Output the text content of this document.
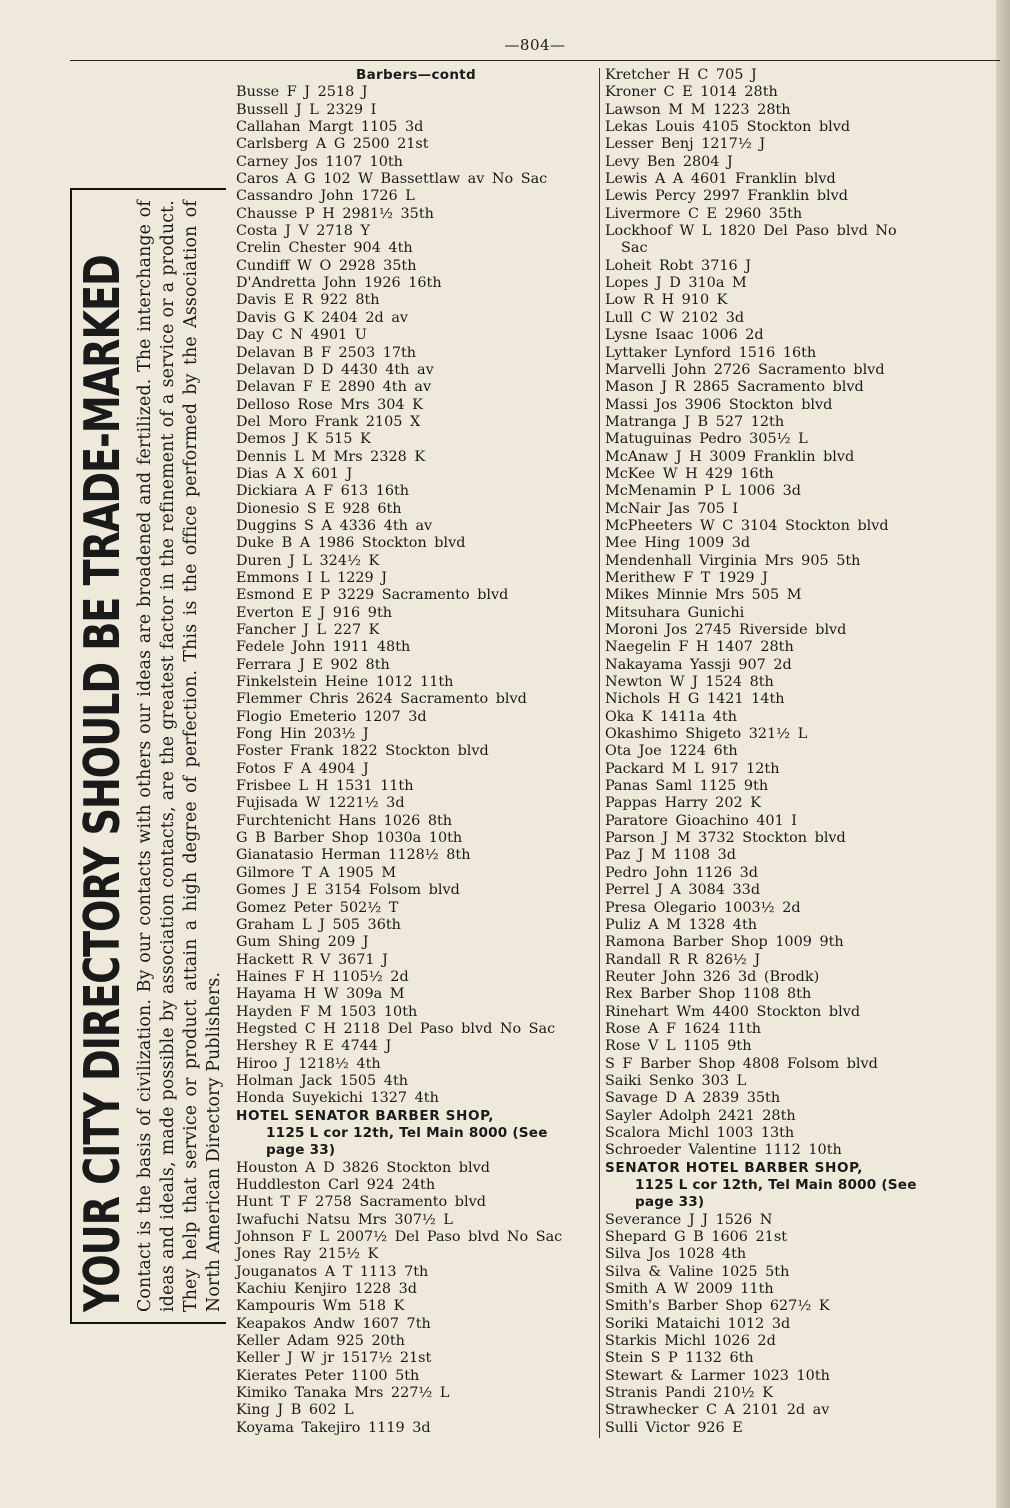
—804—
YOUR CITY DIRECTORY SHOULD BE TRADE-MARKED Contact is the basis of civilization. By our contacts with others our ideas are broadened and fertilized. The interchange of ideas and ideals, made possible by association contacts, are the greatest factor in the refinement of a service or a product. They help that service or product attain a high degree of perfection. This is the office performed by the Association of North American Directory Publishers.
Barbers—contd
Busse F J 2518 J
Bussell J L 2329 I
Callahan Margt 1105 3d
Carlsberg A G 2500 21st
Carney Jos 1107 10th
Caros A G 102 W Bassettlaw av No Sac
Cassandro John 1726 L
Chausse P H 2981½ 35th
Costa J V 2718 Y
Crelin Chester 904 4th
Cundiff W O 2928 35th
D'Andretta John 1926 16th
Davis E R 922 8th
Davis G K 2404 2d av
Day C N 4901 U
Delavan B F 2503 17th
Delavan D D 4430 4th av
Delavan F E 2890 4th av
Delloso Rose Mrs 304 K
Del Moro Frank 2105 X
Demos J K 515 K
Dennis L M Mrs 2328 K
Dias A X 601 J
Dickiara A F 613 16th
Dionesio S E 928 6th
Duggins S A 4336 4th av
Duke B A 1986 Stockton blvd
Duren J L 324½ K
Emmons I L 1229 J
Esmond E P 3229 Sacramento blvd
Everton E J 916 9th
Fancher J L 227 K
Fedele John 1911 48th
Ferrara J E 902 8th
Finkelstein Heine 1012 11th
Flemmer Chris 2624 Sacramento blvd
Flogio Emeterio 1207 3d
Fong Hin 203½ J
Foster Frank 1822 Stockton blvd
Fotos F A 4904 J
Frisbee L H 1531 11th
Fujisada W 1221½ 3d
Furchtenicht Hans 1026 8th
G B Barber Shop 1030a 10th
Gianatasio Herman 1128½ 8th
Gilmore T A 1905 M
Gomes J E 3154 Folsom blvd
Gomez Peter 502½ T
Graham L J 505 36th
Gum Shing 209 J
Hackett R V 3671 J
Haines F H 1105½ 2d
Hayama H W 309a M
Hayden F M 1503 10th
Hegsted C H 2118 Del Paso blvd No Sac
Hershey R E 4744 J
Hiroo J 1218½ 4th
Holman Jack 1505 4th
Honda Suyekichi 1327 4th
HOTEL SENATOR BARBER SHOP,
1125 L cor 12th, Tel Main 8000 (See
page 33)
Houston A D 3826 Stockton blvd
Huddleston Carl 924 24th
Hunt T F 2758 Sacramento blvd
Iwafuchi Natsu Mrs 307½ L
Johnson F L 2007½ Del Paso blvd No Sac
Jones Ray 215½ K
Jouganatos A T 1113 7th
Kachiu Kenjiro 1228 3d
Kampouris Wm 518 K
Keapakos Andw 1607 7th
Keller Adam 925 20th
Keller J W jr 1517½ 21st
Kierates Peter 1100 5th
Kimiko Tanaka Mrs 227½ L
King J B 602 L
Koyama Takejiro 1119 3d
Kretcher H C 705 J
Kroner C E 1014 28th
Lawson M M 1223 28th
Lekas Louis 4105 Stockton blvd
Lesser Benj 1217½ J
Levy Ben 2804 J
Lewis A A 4601 Franklin blvd
Lewis Percy 2997 Franklin blvd
Livermore C E 2960 35th
Lockhoof W L 1820 Del Paso blvd No
Sac
Loheit Robt 3716 J
Lopes J D 310a M
Low R H 910 K
Lull C W 2102 3d
Lysne Isaac 1006 2d
Lyttaker Lynford 1516 16th
Marvelli John 2726 Sacramento blvd
Mason J R 2865 Sacramento blvd
Massi Jos 3906 Stockton blvd
Matranga J B 527 12th
Matuguinas Pedro 305½ L
McAnaw J H 3009 Franklin blvd
McKee W H 429 16th
McMenamin P L 1006 3d
McNair Jas 705 I
McPheeters W C 3104 Stockton blvd
Mee Hing 1009 3d
Mendenhall Virginia Mrs 905 5th
Merithew F T 1929 J
Mikes Minnie Mrs 505 M
Mitsuhara Gunichi
Moroni Jos 2745 Riverside blvd
Naegelin F H 1407 28th
Nakayama Yassji 907 2d
Newton W J 1524 8th
Nichols H G 1421 14th
Oka K 1411a 4th
Okashimo Shigeto 321½ L
Ota Joe 1224 6th
Packard M L 917 12th
Panas Saml 1125 9th
Pappas Harry 202 K
Paratore Gioachino 401 I
Parson J M 3732 Stockton blvd
Paz J M 1108 3d
Pedro John 1126 3d
Perrel J A 3084 33d
Presa Olegario 1003½ 2d
Puliz A M 1328 4th
Ramona Barber Shop 1009 9th
Randall R R 826½ J
Reuter John 326 3d (Brodk)
Rex Barber Shop 1108 8th
Rinehart Wm 4400 Stockton blvd
Rose A F 1624 11th
Rose V L 1105 9th
S F Barber Shop 4808 Folsom blvd
Saiki Senko 303 L
Savage D A 2839 35th
Sayler Adolph 2421 28th
Scalora Michl 1003 13th
Schroeder Valentine 1112 10th
SENATOR HOTEL BARBER SHOP,
1125 L cor 12th, Tel Main 8000 (See
page 33)
Severance J J 1526 N
Shepard G B 1606 21st
Silva Jos 1028 4th
Silva & Valine 1025 5th
Smith A W 2009 11th
Smith's Barber Shop 627½ K
Soriki Mataichi 1012 3d
Starkis Michl 1026 2d
Stein S P 1132 6th
Stewart & Larmer 1023 10th
Stranis Pandi 210½ K
Strawhecker C A 2101 2d av
Sulli Victor 926 E
